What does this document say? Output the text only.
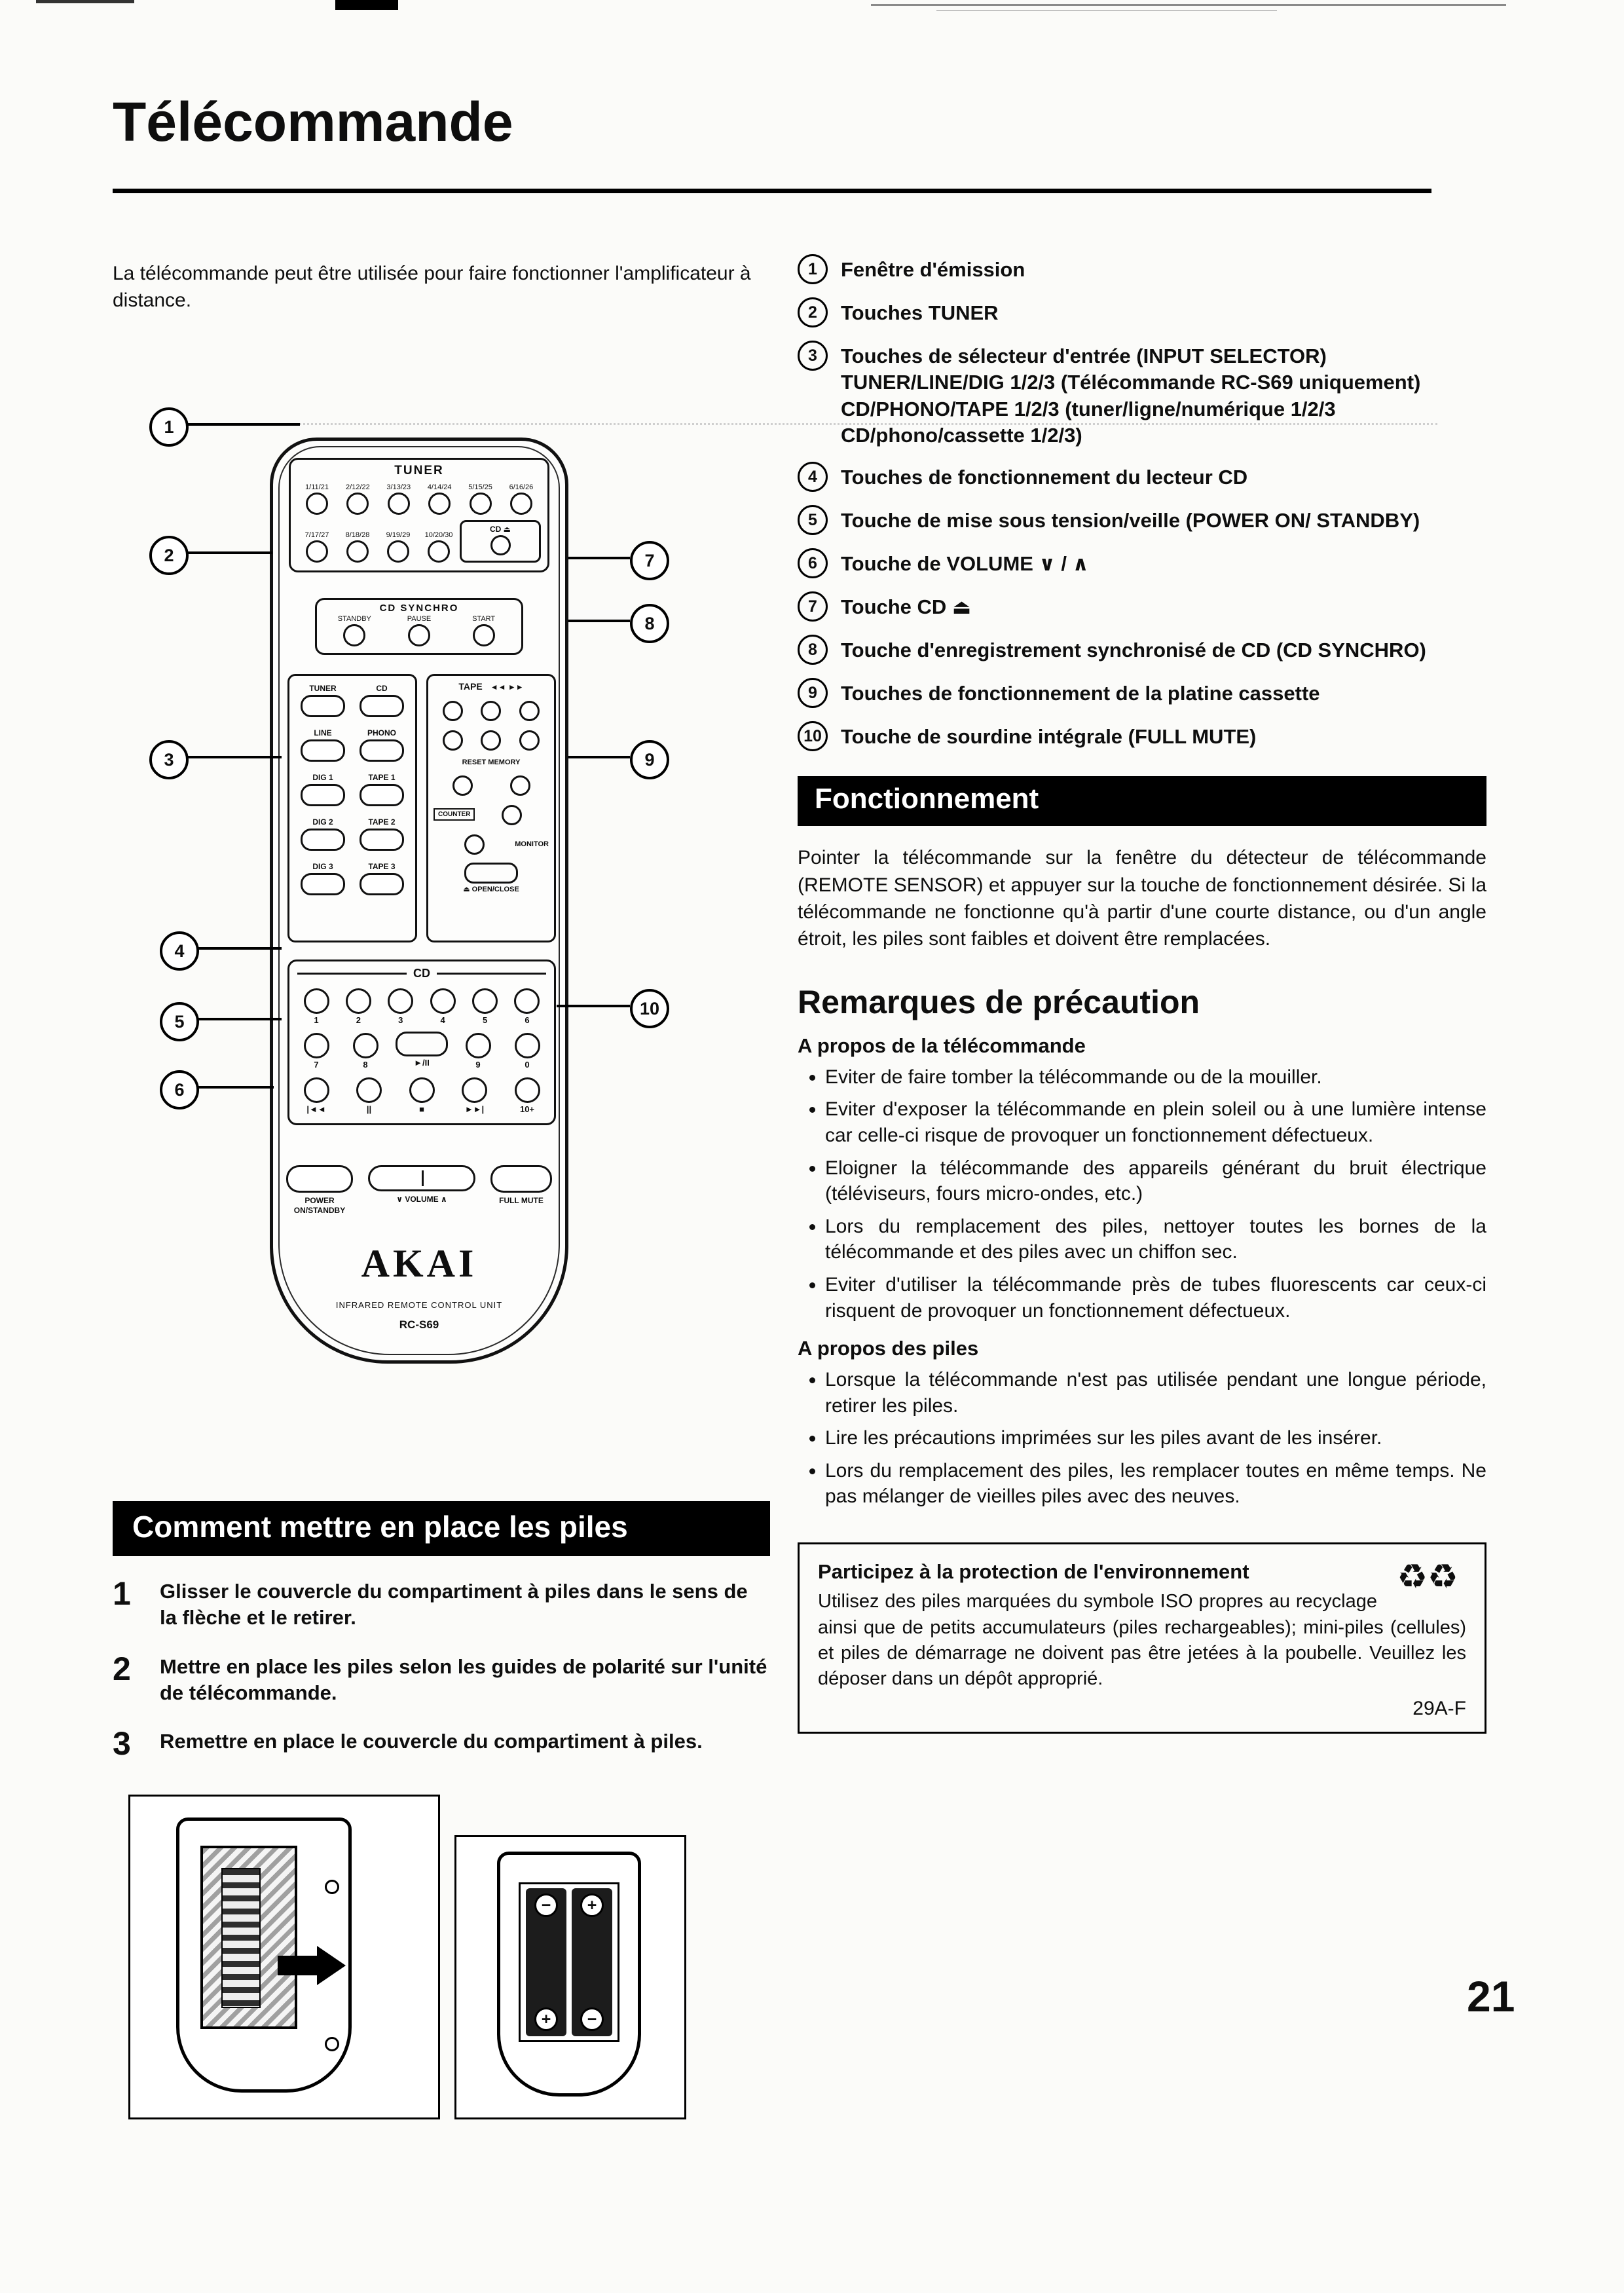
Télécommande
La télécommande peut être utilisée pour faire fonctionner l'amplificateur à distance.
1
2
3
4
5
6
7
8
9
10
TUNER
1/11/21	2/12/22	3/13/23	4/14/24	5/15/25	6/16/26
7/17/27	8/18/28	9/19/29	10/20/30
CD ⏏
CD SYNCHRO
STANDBY	PAUSE	START
TUNER	CD
LINE	PHONO
DIG 1	TAPE 1
DIG 2	TAPE 2
DIG 3	TAPE 3
TAPE ◄◄ ►►
RESET MEMORY
COUNTER
MONITOR
⏏ OPEN/CLOSE
CD
1	2	3	4	5	6
7	8	►/II	9	0
|◄◄	||	■	►►|	10+
POWER
ON/STANDBY
∨ VOLUME ∧	FULL MUTE
AKAI
INFRARED REMOTE CONTROL UNIT
RC-S69
1	Fenêtre d'émission
2	Touches TUNER
3	Touches de sélecteur d'entrée (INPUT SELECTOR) TUNER/LINE/DIG 1/2/3 (Télécommande RC-S69 uniquement) CD/PHONO/TAPE 1/2/3 (tuner/ligne/numérique 1/2/3 CD/phono/cassette 1/2/3)
4	Touches de fonctionnement du lecteur CD
5	Touche de mise sous tension/veille (POWER ON/ STANDBY)
6	Touche de VOLUME ∨ / ∧
7	Touche CD ⏏
8	Touche d'enregistrement synchronisé de CD (CD SYNCHRO)
9	Touches de fonctionnement de la platine cassette
10 Touche de sourdine intégrale (FULL MUTE)
Fonctionnement
Pointer la télécommande sur la fenêtre du détecteur de télécommande (REMOTE SENSOR) et appuyer sur la touche de fonctionnement désirée. Si la télécommande ne fonctionne qu'à partir d'une courte distance, ou d'un angle étroit, les piles sont faibles et doivent être remplacées.
Remarques de précaution
A propos de la télécommande
• Eviter de faire tomber la télécommande ou de la mouiller.
• Eviter d'exposer la télécommande en plein soleil ou à une lumière intense car celle-ci risque de provoquer un fonctionnement défectueux.
• Eloigner la télécommande des appareils générant du bruit électrique (téléviseurs, fours micro-ondes, etc.)
• Lors du remplacement des piles, nettoyer toutes les bornes de la télécommande et des piles avec un chiffon sec.
• Eviter d'utiliser la télécommande près de tubes fluorescents car ceux-ci risquent de provoquer un fonctionnement défectueux.
A propos des piles
• Lorsque la télécommande n'est pas utilisée pendant une longue période, retirer les piles.
• Lire les précautions imprimées sur les piles avant de les insérer.
• Lors du remplacement des piles, les remplacer toutes en même temps. Ne pas mélanger de vieilles piles avec des neuves.
♻♻
Participez à la protection de l'environnement
Utilisez des piles marquées du symbole ISO propres au recyclage ainsi que de petits accumulateurs (piles rechargeables); mini-piles (cellules) et piles de démarrage ne doivent pas être jetées à la poubelle. Veuillez les déposer dans un dépôt approprié.
29A-F
Comment mettre en place les piles
1	Glisser le couvercle du compartiment à piles dans le sens de la flèche et le retirer.
2	Mettre en place les piles selon les guides de polarité sur l'unité de télécommande.
3	Remettre en place le couvercle du compartiment à piles.
−
+
+
−	21
